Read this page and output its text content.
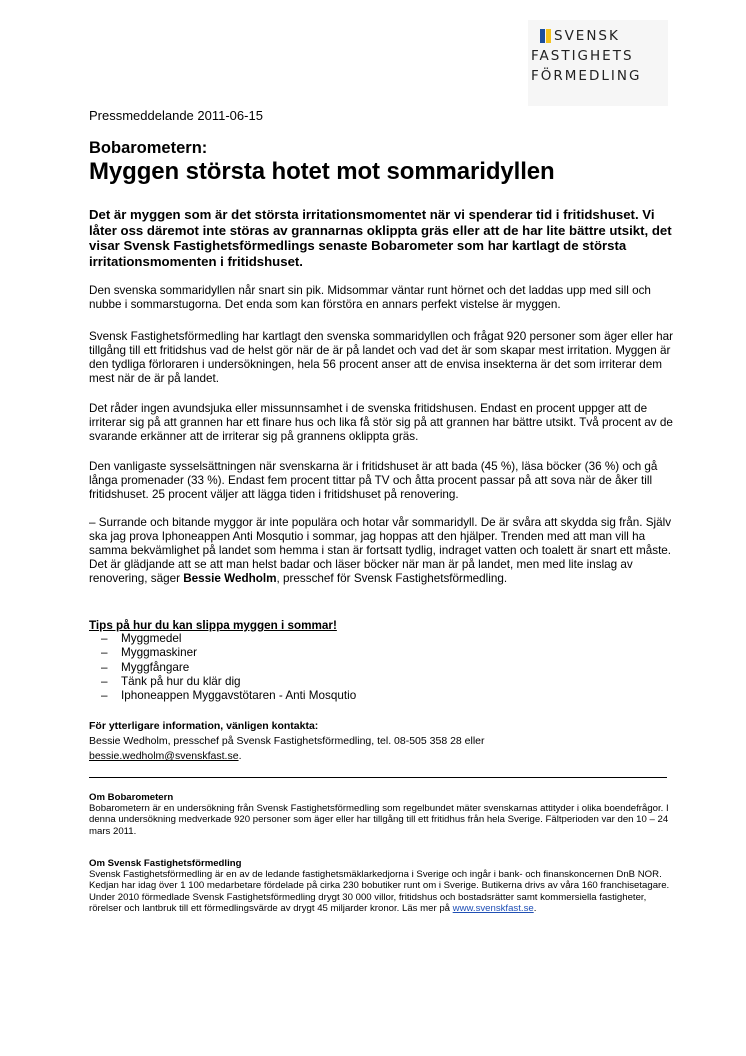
SVENSK
FASTIGHETS
FÖRMEDLING
Pressmeddelande 2011-06-15
Bobarometern:
Myggen största hotet mot sommaridyllen
Det är myggen som är det största irritationsmomentet när vi spenderar tid i fritidshuset. Vi låter oss däremot inte störas av grannarnas oklippta gräs eller att de har lite bättre utsikt, det visar Svensk Fastighetsförmedlings senaste Bobarometer som har kartlagt de största irritationsmomenten i fritidshuset.
Den svenska sommaridyllen når snart sin pik. Midsommar väntar runt hörnet och det laddas upp med sill och nubbe i sommarstugorna. Det enda som kan förstöra en annars perfekt vistelse är myggen.
Svensk Fastighetsförmedling har kartlagt den svenska sommaridyllen och frågat 920 personer som äger eller har tillgång till ett fritidshus vad de helst gör när de är på landet och vad det är som skapar mest irritation. Myggen är den tydliga förloraren i undersökningen, hela 56 procent anser att de envisa insekterna är det som irriterar dem mest när de är på landet.
Det råder ingen avundsjuka eller missunnsamhet i de svenska fritidshusen. Endast en procent uppger att de irriterar sig på att grannen har ett finare hus och lika få stör sig på att grannen har bättre utsikt. Två procent av de svarande erkänner att de irriterar sig på grannens oklippta gräs.
Den vanligaste sysselsättningen när svenskarna är i fritidshuset är att bada (45 %), läsa böcker (36 %) och gå långa promenader (33 %). Endast fem procent tittar på TV och åtta procent passar på att sova när de åker till fritidshuset. 25 procent väljer att lägga tiden i fritidshuset på renovering.
– Surrande och bitande myggor är inte populära och hotar vår sommaridyll. De är svåra att skydda sig från. Själv ska jag prova Iphoneappen Anti Mosqutio i sommar, jag hoppas att den hjälper. Trenden med att man vill ha samma bekvämlighet på landet som hemma i stan är fortsatt tydlig, indraget vatten och toalett är snart ett måste. Det är glädjande att se att man helst badar och läser böcker när man är på landet, men med lite inslag av renovering, säger Bessie Wedholm, presschef för Svensk Fastighetsförmedling.
Tips på hur du kan slippa myggen i sommar!
– Myggmedel
– Myggmaskiner
– Myggfångare
– Tänk på hur du klär dig
– Iphoneappen Myggavstötaren - Anti Mosqutio
För ytterligare information, vänligen kontakta:
Bessie Wedholm, presschef på Svensk Fastighetsförmedling, tel. 08-505 358 28 eller
bessie.wedholm@svenskfast.se.
Om Bobarometern
Bobarometern är en undersökning från Svensk Fastighetsförmedling som regelbundet mäter svenskarnas attityder i olika boendefrågor. I denna undersökning medverkade 920 personer som äger eller har tillgång till ett fritidhus från hela Sverige. Fältperioden var den 10 – 24 mars 2011.
Om Svensk Fastighetsförmedling
Svensk Fastighetsförmedling är en av de ledande fastighetsmäklarkedjorna i Sverige och ingår i bank- och finanskoncernen DnB NOR. Kedjan har idag över 1 100 medarbetare fördelade på cirka 230 bobutiker runt om i Sverige. Butikerna drivs av våra 160 franchisetagare. Under 2010 förmedlade Svensk Fastighetsförmedling drygt 30 000 villor, fritidshus och bostadsrätter samt kommersiella fastigheter, rörelser och lantbruk till ett förmedlingsvärde av drygt 45 miljarder kronor. Läs mer på www.svenskfast.se.
